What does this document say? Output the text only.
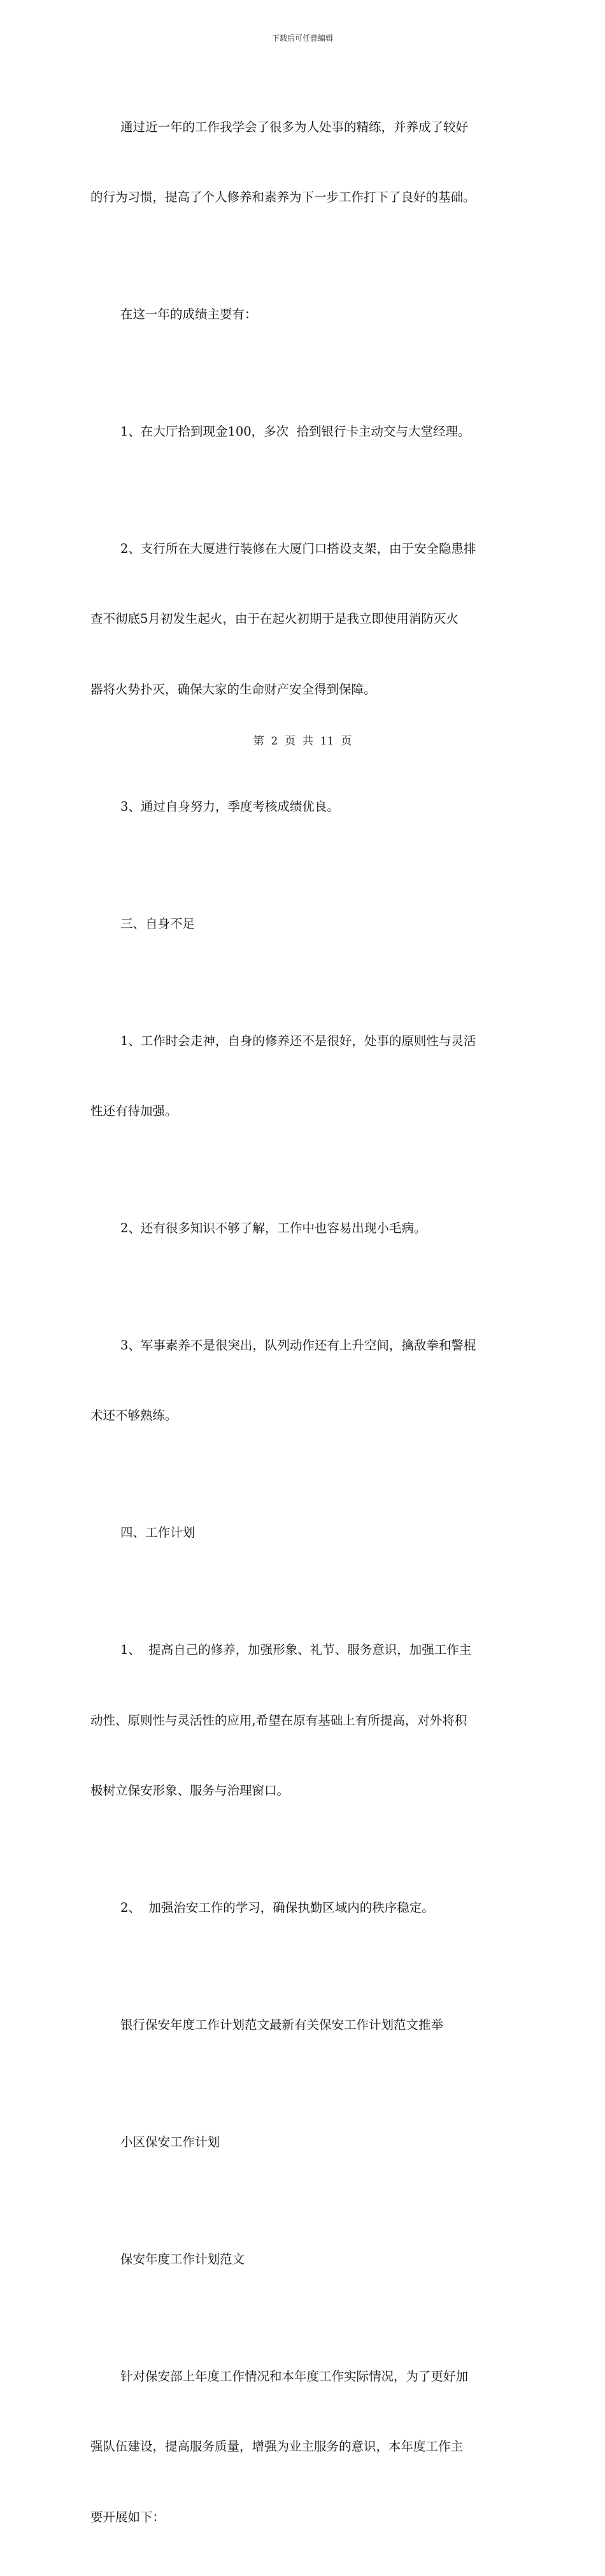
下载后可任意编辑

通过近一年的工作我学会了很多为人处事的精练，并养成了较好

的行为习惯，提高了个人修养和素养为下一步工作打下了良好的基础。

在这一年的成绩主要有：

1、在大厅拾到现金100，多次  拾到银行卡主动交与大堂经理。

2、支行所在大厦进行装修在大厦门口搭设支架，由于安全隐患排

查不彻底5月初发生起火，由于在起火初期于是我立即使用消防灭火

器将火势扑灭，确保大家的生命财产安全得到保障。

3、通过自身努力，季度考核成绩优良。

三、自身不足

1、工作时会走神，自身的修养还不是很好，处事的原则性与灵活

性还有待加强。

2、还有很多知识不够了解，工作中也容易出现小毛病。

3、军事素养不是很突出，队列动作还有上升空间，擒敌拳和警棍

术还不够熟练。

四、工作计划

1、  提高自己的修养，加强形象、礼节、服务意识，加强工作主

动性、原则性与灵活性的应用,希望在原有基础上有所提高，对外将积

极树立保安形象、服务与治理窗口。

2、  加强治安工作的学习，确保执勤区域内的秩序稳定。

银行保安年度工作计划范文最新有关保安工作计划范文推举

小区保安工作计划

保安年度工作计划范文

针对保安部上年度工作情况和本年度工作实际情况，为了更好加

强队伍建设，提高服务质量，增强为业主服务的意识，本年度工作主

要开展如下：

第  2  页  共  11  页
